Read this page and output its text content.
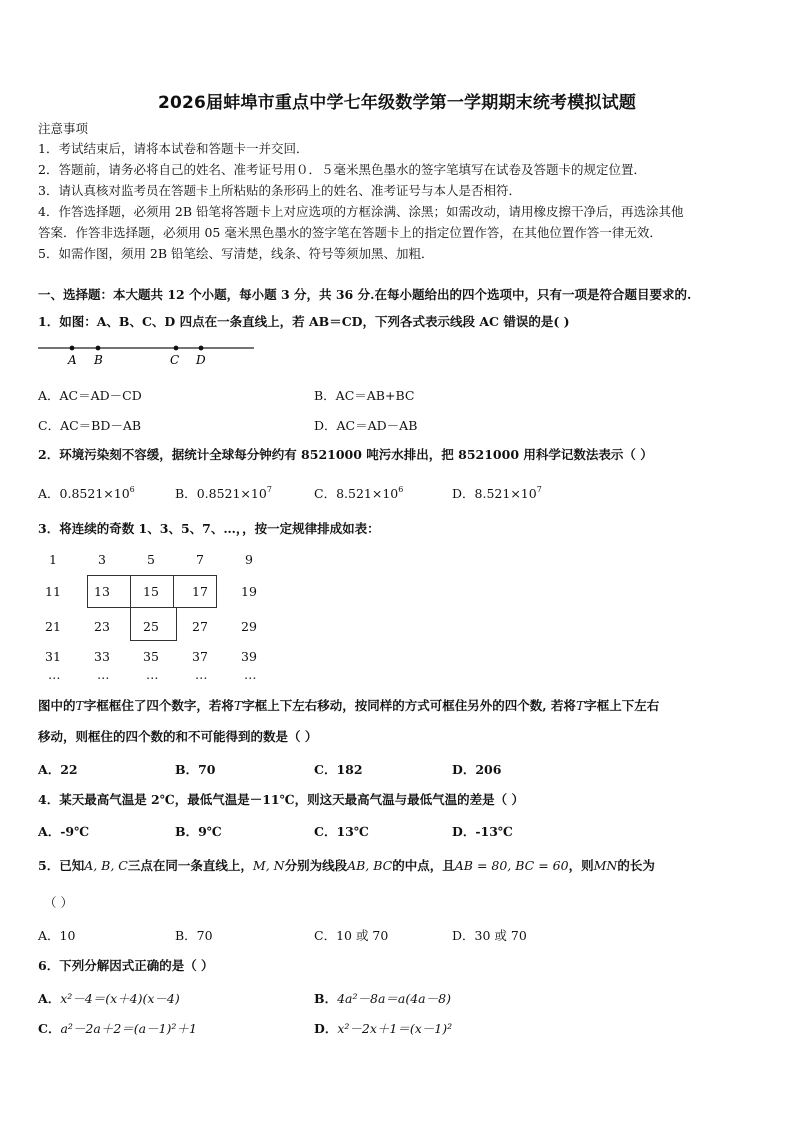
2026届蚌埠市重点中学七年级数学第一学期期末统考模拟试题
注意事项
1．考试结束后，请将本试卷和答题卡一并交回．
2．答题前，请务必将自己的姓名、准考证号用０．５毫米黑色墨水的签字笔填写在试卷及答题卡的规定位置．
3．请认真核对监考员在答题卡上所粘贴的条形码上的姓名、准考证号与本人是否相符．
4．作答选择题，必须用 2B 铅笔将答题卡上对应选项的方框涂满、涂黑；如需改动，请用橡皮擦干净后，再选涂其他
答案．作答非选择题，必须用 05 毫米黑色墨水的签字笔在答题卡上的指定位置作答，在其他位置作答一律无效．
5．如需作图，须用 2B 铅笔绘、写清楚，线条、符号等须加黑、加粗．
一、选择题：本大题共 12 个小题，每小题 3 分，共 36 分.在每小题给出的四个选项中，只有一项是符合题目要求的.
1．如图：A、B、C、D 四点在一条直线上，若 AB＝CD，下列各式表示线段 AC 错误的是( )
A B	C D
A．AC＝AD－CD	B．AC＝AB+BC
C．AC＝BD－AB	D．AC＝AD－AB
2．环境污染刻不容缓，据统计全球每分钟约有 8521000 吨污水排出，把 8521000 用科学记数法表示（ ）
A．$0.8521\times 10^6$	B．$0.8521\times 10^7$	C．$8.521\times 10^6$	D．$8.521\times 10^7$
3．将连续的奇数 1、3、5、7、…，，按一定规律排成如表：
1	3	5	7	9
11	13	15	17	19
21	23	25	27	29
31	33	35	37	39
…	…	…	…	…
图中的T字框框住了四个数字，若将T字框上下左右移动，按同样的方式可框住另外的四个数, 若将T字框上下左右
移动，则框住的四个数的和不可能得到的数是（ ）
A．22	B．70	C．182	D．206
4．某天最高气温是 2℃，最低气温是－11℃，则这天最高气温与最低气温的差是（ ）
A．-9℃	B．9℃	C．13℃	D．-13℃
5．已知A, B, C三点在同一条直线上，M, N分别为线段AB, BC的中点，且AB = 80, BC = 60，则MN的长为
（ ）
A．10	B．70	C．10 或 70	D．30 或 70
6．下列分解因式正确的是（ ）
A．x²－4＝(x＋4)(x－4)	B．4a²－8a＝a(4a－8)
C．a²－2a＋2＝(a－1)²＋1	D．x²－2x＋1＝(x－1)²
